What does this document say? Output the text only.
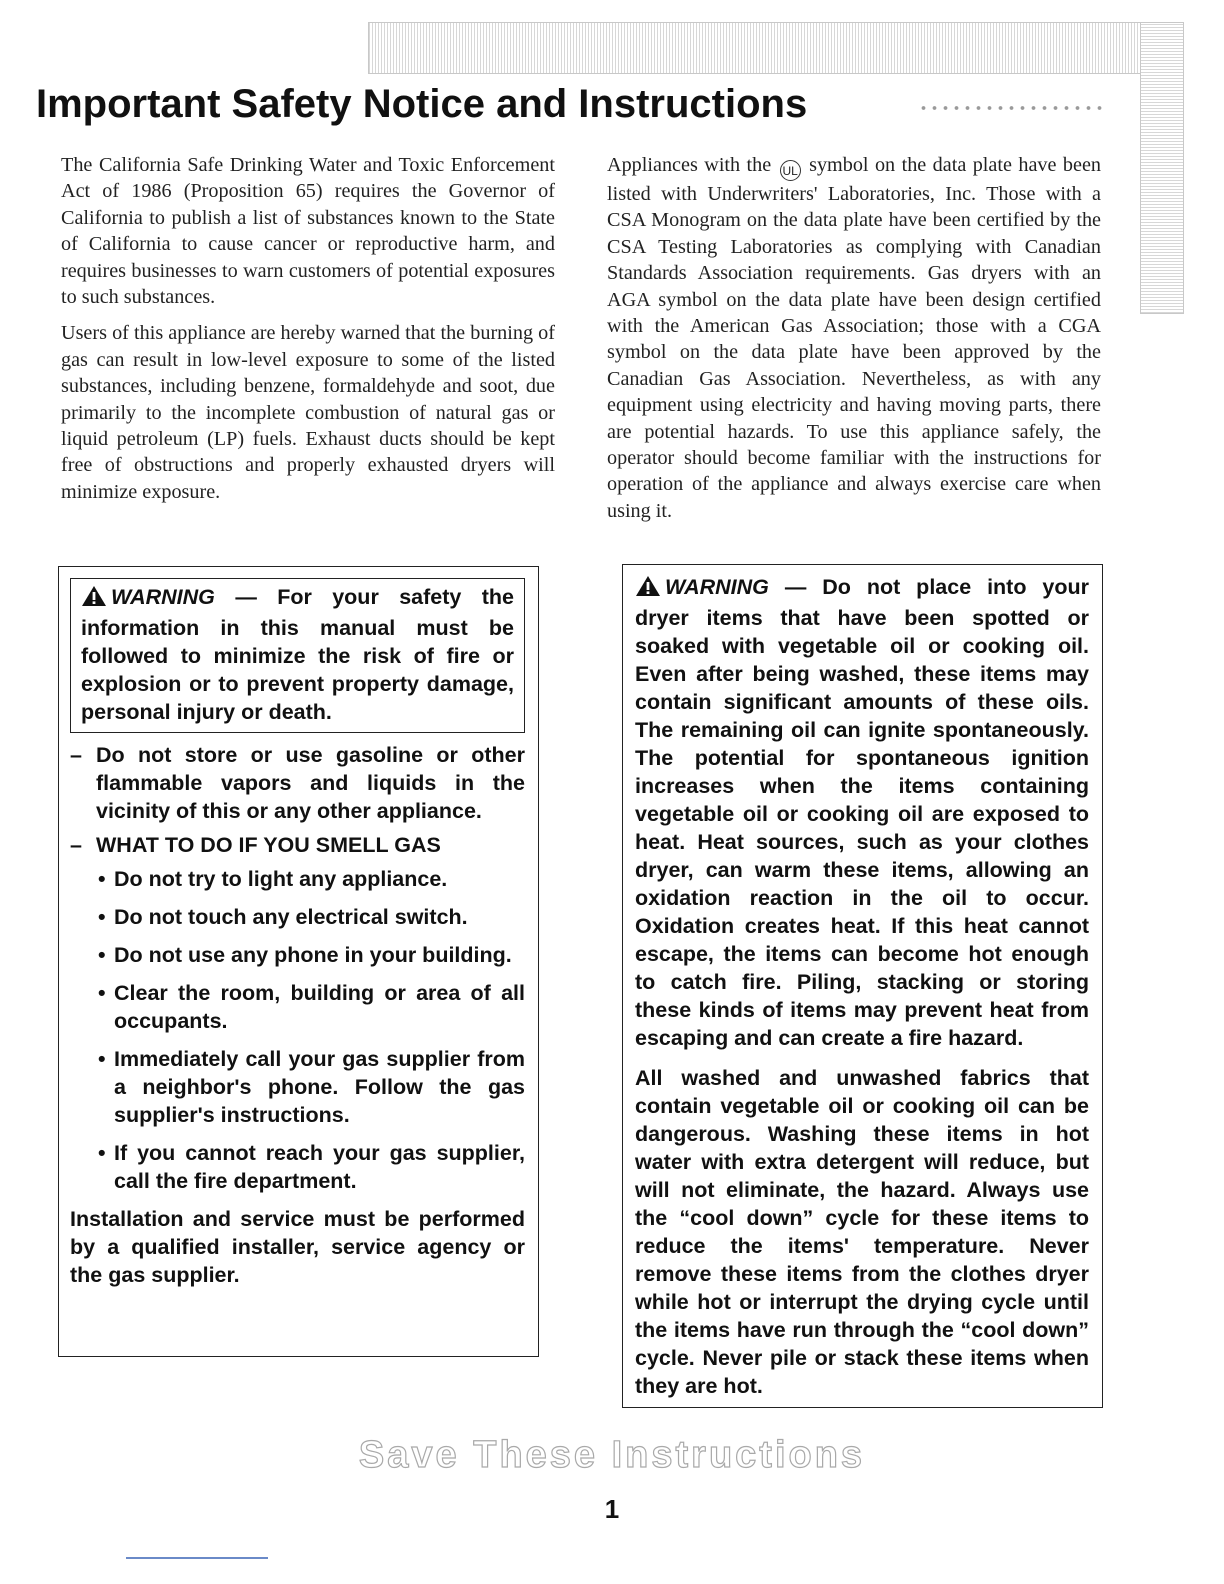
Important Safety Notice and Instructions

The California Safe Drinking Water and Toxic Enforcement Act of 1986 (Proposition 65) requires the Governor of California to publish a list of substances known to the State of California to cause cancer or reproductive harm, and requires businesses to warn customers of potential exposures to such substances.

Users of this appliance are hereby warned that the burning of gas can result in low-level exposure to some of the listed substances, including benzene, formaldehyde and soot, due primarily to the incomplete combustion of natural gas or liquid petroleum (LP) fuels. Exhaust ducts should be kept free of obstructions and properly exhausted dryers will minimize exposure.

Appliances with the UL symbol on the data plate have been listed with Underwriters' Laboratories, Inc. Those with a CSA Monogram on the data plate have been certified by the CSA Testing Laboratories as complying with Canadian Standards Association requirements. Gas dryers with an AGA symbol on the data plate have been design certified with the American Gas Association; those with a CGA symbol on the data plate have been approved by the Canadian Gas Association. Nevertheless, as with any equipment using electricity and having moving parts, there are potential hazards. To use this appliance safely, the operator should become familiar with the instructions for operation of the appliance and always exercise care when using it.

WARNING — For your safety the information in this manual must be followed to minimize the risk of fire or explosion or to prevent property damage, personal injury or death.
– Do not store or use gasoline or other flammable vapors and liquids in the vicinity of this or any other appliance.
– WHAT TO DO IF YOU SMELL GAS
• Do not try to light any appliance.
• Do not touch any electrical switch.
• Do not use any phone in your building.
• Clear the room, building or area of all occupants.
• Immediately call your gas supplier from a neighbor's phone. Follow the gas supplier's instructions.
• If you cannot reach your gas supplier, call the fire department.
Installation and service must be performed by a qualified installer, service agency or the gas supplier.

WARNING — Do not place into your dryer items that have been spotted or soaked with vegetable oil or cooking oil. Even after being washed, these items may contain significant amounts of these oils. The remaining oil can ignite spontaneously. The potential for spontaneous ignition increases when the items containing vegetable oil or cooking oil are exposed to heat. Heat sources, such as your clothes dryer, can warm these items, allowing an oxidation reaction in the oil to occur. Oxidation creates heat. If this heat cannot escape, the items can become hot enough to catch fire. Piling, stacking or storing these kinds of items may prevent heat from escaping and can create a fire hazard.

All washed and unwashed fabrics that contain vegetable oil or cooking oil can be dangerous. Washing these items in hot water with extra detergent will reduce, but will not eliminate, the hazard. Always use the “cool down” cycle for these items to reduce the items' temperature. Never remove these items from the clothes dryer while hot or interrupt the drying cycle until the items have run through the “cool down” cycle. Never pile or stack these items when they are hot.

Save These Instructions

1
